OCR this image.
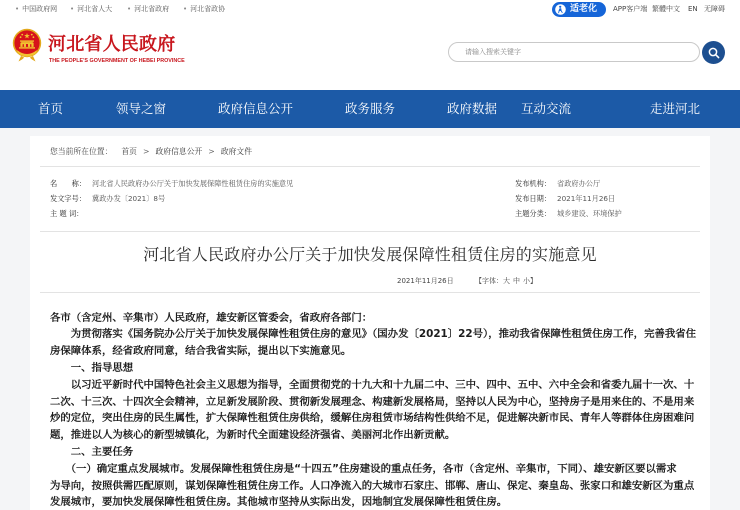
• 中国政府网 • 河北省人大 • 河北省政府 • 河北省政协	适老化 APP客户端 繁體中文 EN 无障碍
河北省人民政府
THE PEOPLE'S GOVERNMENT OF HEBEI PROVINCE
请输入搜索关键字
首页	领导之窗	政府信息公开	政务服务	政府数据 互动交流	走进河北
您当前所在位置： 首页 > 政府信息公开 > 政府文件
名　　称： 河北省人民政府办公厅关于加快发展保障性租赁住房的实施意见	发布机构： 省政府办公厅
发文字号： 冀政办发〔2021〕8号	发布日期： 2021年11月26日
主 题 词：	主题分类： 城乡建设、环境保护
河北省人民政府办公厅关于加快发展保障性租赁住房的实施意见
2021年11月26日	【字体：大 中 小】
各市（含定州、辛集市）人民政府，雄安新区管委会，省政府各部门：
　　为贯彻落实《国务院办公厅关于加快发展保障性租赁住房的意见》（国办发〔2021〕22号），推动我省保障性租赁住房工作，完善我省住
房保障体系，经省政府同意，结合我省实际，提出以下实施意见。
　　一、指导思想
　　以习近平新时代中国特色社会主义思想为指导，全面贯彻党的十九大和十九届二中、三中、四中、五中、六中全会和省委九届十一次、十
二次、十三次、十四次全会精神，立足新发展阶段、贯彻新发展理念、构建新发展格局，坚持以人民为中心，坚持房子是用来住的、不是用来
炒的定位，突出住房的民生属性，扩大保障性租赁住房供给，缓解住房租赁市场结构性供给不足，促进解决新市民、青年人等群体住房困难问
题，推进以人为核心的新型城镇化，为新时代全面建设经济强省、美丽河北作出新贡献。
　　二、主要任务
　　（一）确定重点发展城市。发展保障性租赁住房是“十四五”住房建设的重点任务，各市（含定州、辛集市，下同）、雄安新区要以需求
为导向，按照供需匹配原则，谋划保障性租赁住房工作。人口净流入的大城市石家庄、邯郸、唐山、保定、秦皇岛、张家口和雄安新区为重点
发展城市，要加快发展保障性租赁住房。其他城市坚持从实际出发，因地制宜发展保障性租赁住房。
